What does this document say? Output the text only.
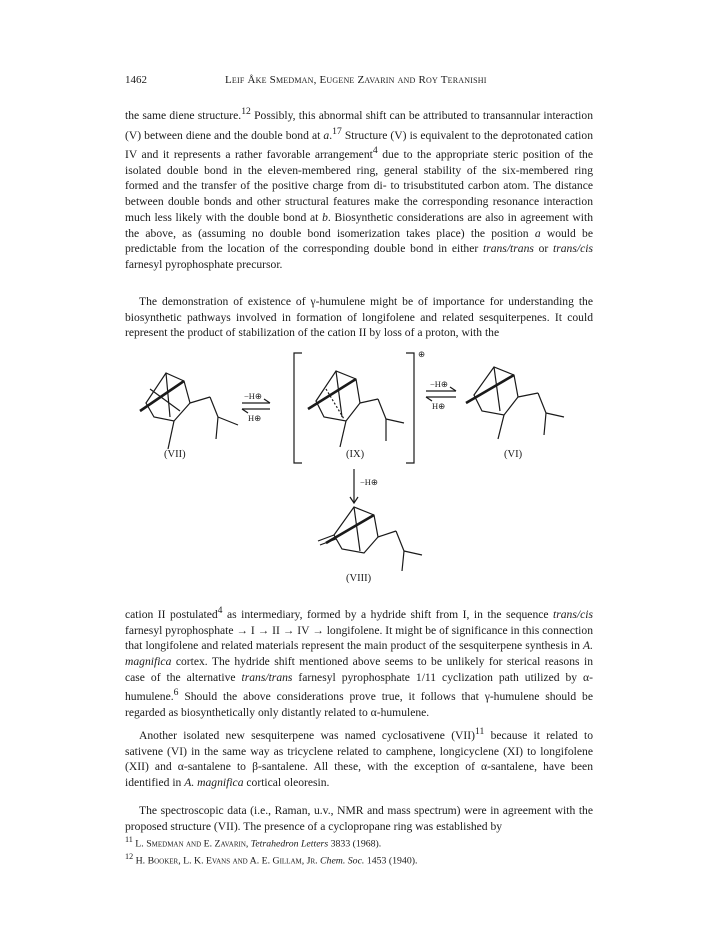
1462	Leif Åke Smedman, Eugene Zavarin and Roy Teranishi

the same diene structure.$^{12}$ Possibly, this abnormal shift can be attributed to transannular interaction (V) between diene and the double bond at a.$^{17}$ Structure (V) is equivalent to the deprotonated cation IV and it represents a rather favorable arrangement$^4$ due to the appropriate steric position of the isolated double bond in the eleven-membered ring, general stability of the six-membered ring formed and the transfer of the positive charge from di- to trisubstituted carbon atom. The distance between double bonds and other structural features make the corresponding resonance interaction much less likely with the double bond at b. Biosynthetic considerations are also in agreement with the above, as (assuming no double bond isomerization takes place) the position a would be predictable from the location of the corresponding double bond in either trans/trans or trans/cis farnesyl pyrophosphate precursor.

The demonstration of existence of γ-humulene might be of importance for understanding the biosynthetic pathways involved in formation of longifolene and related sesquiterpenes. It could represent the product of stabilization of the cation II by loss of a proton, with the

−H⊕
H⊕
⊕
−H⊕
H⊕
(VII)	(IX)	(VI)
−H⊕
(VIII)

cation II postulated$^4$ as intermediary, formed by a hydride shift from I, in the sequence trans/cis farnesyl pyrophosphate → I → II → IV → longifolene. It might be of significance in this connection that longifolene and related materials represent the main product of the sesquiterpene synthesis in A. magnifica cortex. The hydride shift mentioned above seems to be unlikely for sterical reasons in case of the alternative trans/trans farnesyl pyrophosphate 1/11 cyclization path utilized by α-humulene.$^6$ Should the above considerations prove true, it follows that γ-humulene should be regarded as biosynthetically only distantly related to α-humulene.

Another isolated new sesquiterpene was named cyclosativene (VII)$^{11}$ because it related to sativene (VI) in the same way as tricyclene related to camphene, longicyclene (XI) to longifolene (XII) and α-santalene to β-santalene. All these, with the exception of α-santalene, have been identified in A. magnifica cortical oleoresin.

The spectroscopic data (i.e., Raman, u.v., NMR and mass spectrum) were in agreement with the proposed structure (VII). The presence of a cyclopropane ring was established by

$^{11}$ L. Smedman and E. Zavarin, Tetrahedron Letters 3833 (1968).
$^{12}$ H. Booker, L. K. Evans and A. E. Gillam, Jr. Chem. Soc. 1453 (1940).
